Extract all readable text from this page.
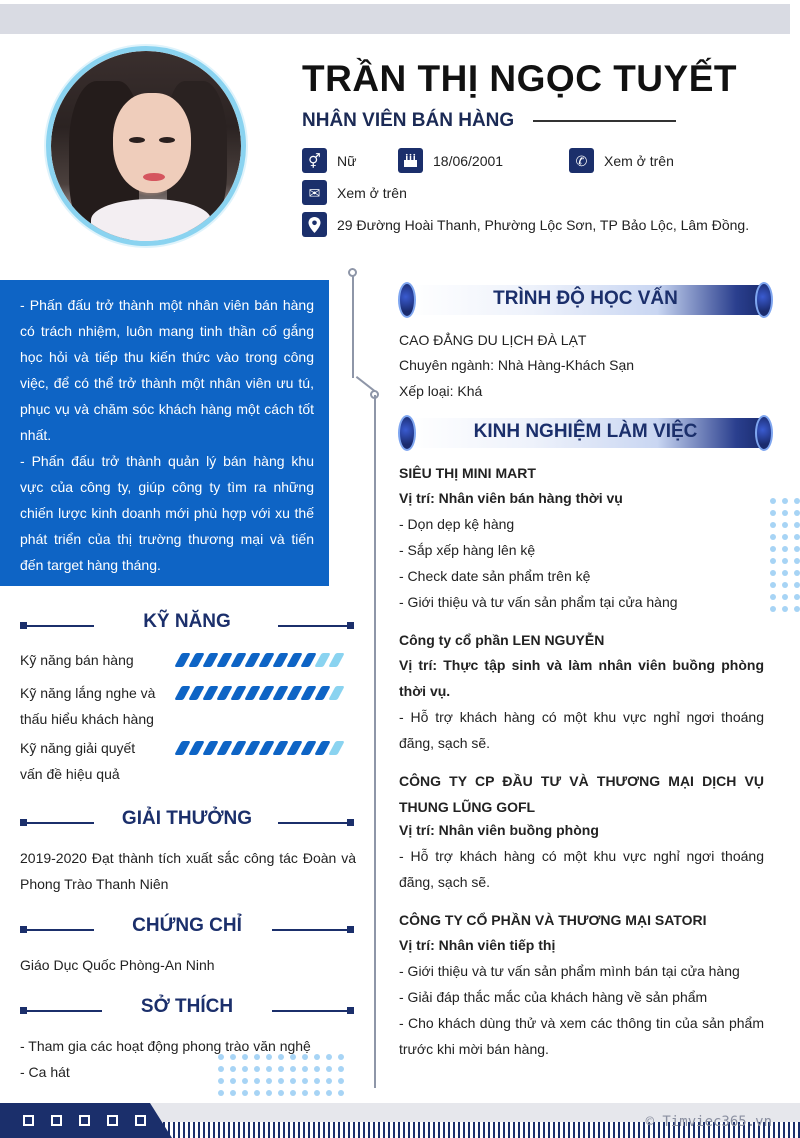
TRẦN THỊ NGỌC TUYẾT
NHÂN VIÊN BÁN HÀNG
⚥	Nữ	18/06/2001	✆	Xem ở trên
✉	Xem ở trên
29 Đường Hoài Thanh, Phường Lộc Sơn, TP Bảo Lộc, Lâm Đồng.

- Phấn đấu trở thành một nhân viên bán hàng có trách nhiệm, luôn mang tinh thần cố gắng học hỏi và tiếp thu kiến thức vào trong công việc, để có thể trở thành một nhân viên ưu tú, phục vụ và chăm sóc khách hàng một cách tốt nhất.

- Phấn đấu trở thành quản lý bán hàng khu vực của công ty, giúp công ty tìm ra những chiến lược kinh doanh mới phù hợp với xu thế phát triển của thị trường thương mại và tiến đến target hàng tháng.

KỸ NĂNG
Kỹ năng bán hàng
Kỹ năng lắng nghe và
thấu hiểu khách hàng
Kỹ năng giải quyết
vấn đề hiệu quả
GIẢI THƯỞNG
2019-2020 Đạt thành tích xuất sắc công tác Đoàn và Phong Trào Thanh Niên
CHỨNG CHỈ
Giáo Dục Quốc Phòng-An Ninh
SỞ THÍCH
- Tham gia các hoạt động phong trào văn nghệ
- Ca hát
TRÌNH ĐỘ HỌC VẤN
CAO ĐẲNG DU LỊCH ĐÀ LẠT
Chuyên ngành: Nhà Hàng-Khách Sạn
Xếp loại: Khá
KINH NGHIỆM LÀM VIỆC
SIÊU THỊ MINI MART
Vị trí: Nhân viên bán hàng thời vụ
- Dọn dẹp kệ hàng
- Sắp xếp hàng lên kệ
- Check date sản phẩm trên kệ
- Giới thiệu và tư vấn sản phẩm tại cửa hàng
Công ty cổ phần LEN NGUYỄN
Vị trí: Thực tập sinh và làm nhân viên buồng phòng thời vụ.
- Hỗ trợ khách hàng có một khu vực nghỉ ngơi thoáng đãng, sạch sẽ.
CÔNG TY CP ĐẦU TƯ VÀ THƯƠNG MẠI DỊCH VỤ THUNG LŨNG GOFL
Vị trí: Nhân viên buồng phòng
- Hỗ trợ khách hàng có một khu vực nghỉ ngơi thoáng đãng, sạch sẽ.
CÔNG TY CỔ PHẦN VÀ THƯƠNG MẠI SATORI
Vị trí: Nhân viên tiếp thị
- Giới thiệu và tư vấn sản phẩm mình bán tại cửa hàng
- Giải đáp thắc mắc của khách hàng về sản phẩm
- Cho khách dùng thử và xem các thông tin của sản phẩm trước khi mời bán hàng.
© Timviec365.vn
